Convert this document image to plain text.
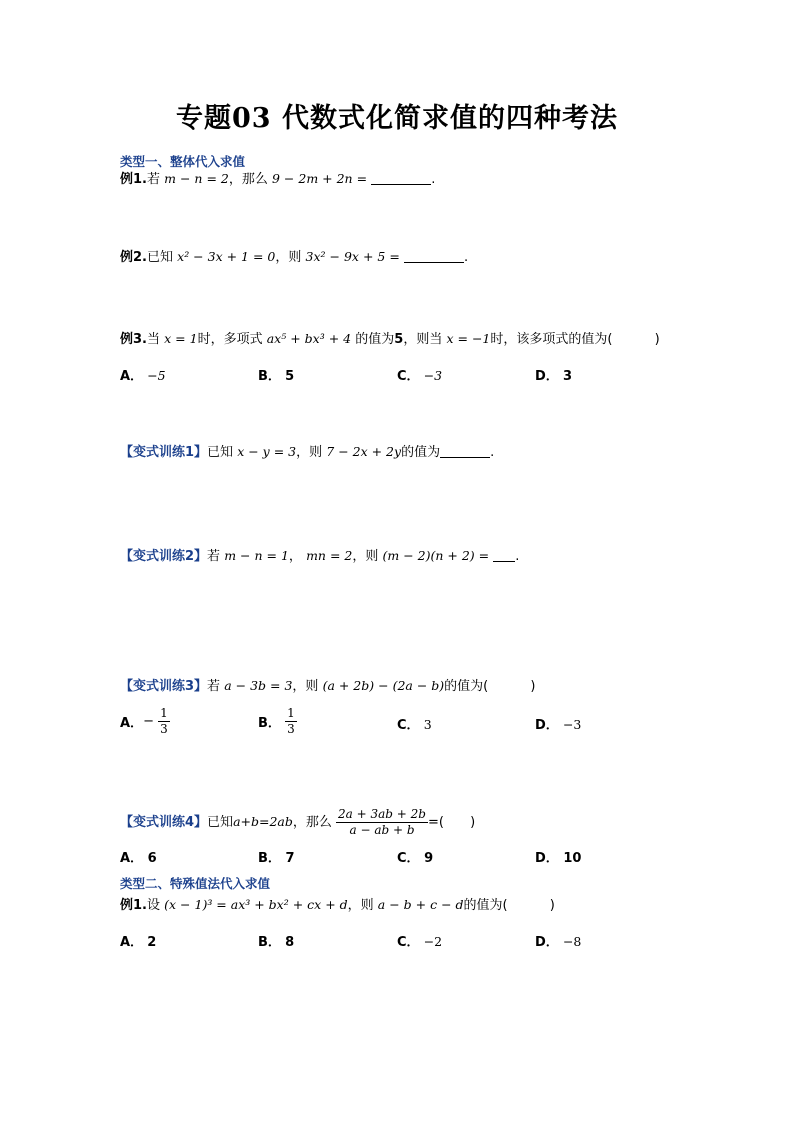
专题03 代数式化简求值的四种考法
类型一、整体代入求值
例1.若 m − n = 2，那么 9 − 2m + 2n =	.
例2.已知 x² − 3x + 1 = 0，则 3x² − 9x + 5 =	.
例3.当 x = 1时，多项式 ax⁵ + bx³ + 4 的值为5，则当 x = −1时，该多项式的值为(	)
A． −5	B． 5	C． −3	D． 3
【变式训练1】已知 x − y = 3，则 7 − 2x + 2y的值为	.
【变式训练2】若 m − n = 1， mn = 2，则 (m − 2)(n + 2) = .
【变式训练3】若 a − 3b = 3，则 (a + 2b) − (2a − b)的值为(	)
A．− $\frac{1}{3}$	B． $\frac{1}{3}$	C． 3	D． −3
【变式训练4】已知a+b=2ab，那么 $\frac{2a + 3ab + 2b}{a - ab + b}$ =( )
A． 6	B． 7	C． 9	D． 10
类型二、特殊值法代入求值
例1.设 (x − 1)³ = ax³ + bx² + cx + d，则 a − b + c − d的值为(	)
A． 2	B． 8	C． −2	D． −8
